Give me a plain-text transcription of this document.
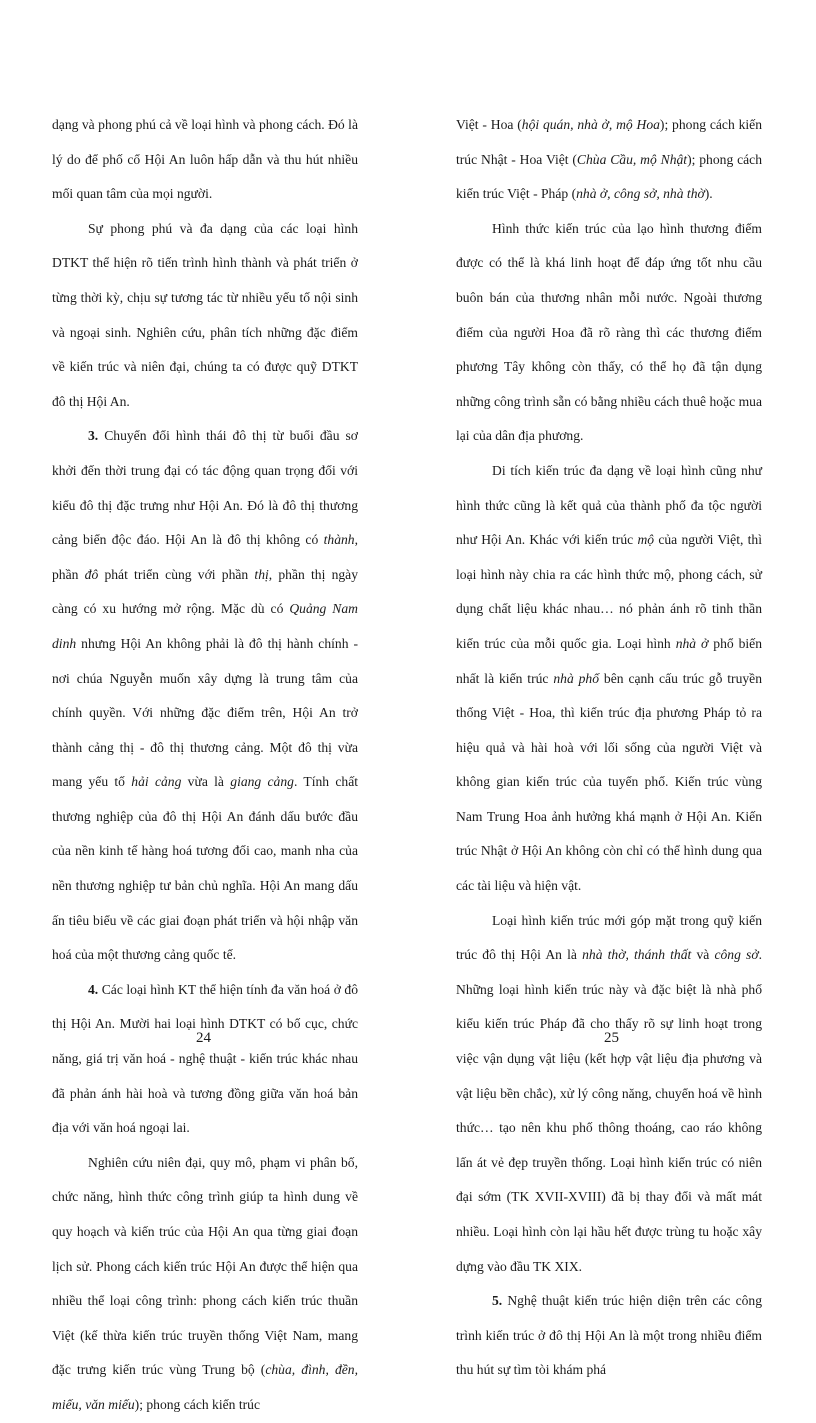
dạng và phong phú cả về loại hình và phong cách. Đó là lý do để phố cổ Hội An luôn hấp dẫn và thu hút nhiều mối quan tâm của mọi người.

Sự phong phú và đa dạng của các loại hình DTKT thể hiện rõ tiến trình hình thành và phát triển ở từng thời kỳ, chịu sự tương tác từ nhiều yếu tố nội sinh và ngoại sinh. Nghiên cứu, phân tích những đặc điểm về kiến trúc và niên đại, chúng ta có được quỹ DTKT đô thị Hội An.

3. Chuyển đổi hình thái đô thị từ buổi đầu sơ khởi đến thời trung đại có tác động quan trọng đối với kiểu đô thị đặc trưng như Hội An. Đó là đô thị thương cảng biển độc đáo. Hội An là đô thị không có thành, phần đô phát triển cùng với phần thị, phần thị ngày càng có xu hướng mở rộng. Mặc dù có Quảng Nam dinh nhưng Hội An không phải là đô thị hành chính - nơi chúa Nguyễn muốn xây dựng là trung tâm của chính quyền. Với những đặc điểm trên, Hội An trở thành cảng thị - đô thị thương cảng. Một đô thị vừa mang yếu tố hải cảng vừa là giang cảng. Tính chất thương nghiệp của đô thị Hội An đánh dấu bước đầu của nền kinh tế hàng hoá tương đối cao, manh nha của nền thương nghiệp tư bản chủ nghĩa. Hội An mang dấu ấn tiêu biểu về các giai đoạn phát triển và hội nhập văn hoá của một thương cảng quốc tế.

4. Các loại hình KT thể hiện tính đa văn hoá ở đô thị Hội An. Mười hai loại hình DTKT có bố cục, chức năng, giá trị văn hoá - nghệ thuật - kiến trúc khác nhau đã phản ánh hài hoà và tương đồng giữa văn hoá bản địa với văn hoá ngoại lai.

Nghiên cứu niên đại, quy mô, phạm vi phân bố, chức năng, hình thức công trình giúp ta hình dung về quy hoạch và kiến trúc của Hội An qua từng giai đoạn lịch sử. Phong cách kiến trúc Hội An được thể hiện qua nhiều thể loại công trình: phong cách kiến trúc thuần Việt (kế thừa kiến trúc truyền thống Việt Nam, mang đặc trưng kiến trúc vùng Trung bộ (chùa, đình, đền, miếu, văn miếu); phong cách kiến trúc

Việt - Hoa (hội quán, nhà ở, mộ Hoa); phong cách kiến trúc Nhật - Hoa Việt (Chùa Cầu, mộ Nhật); phong cách kiến trúc Việt - Pháp (nhà ở, công sở, nhà thờ).

Hình thức kiến trúc của lạo hình thương điếm được có thể là khá linh hoạt để đáp ứng tốt nhu cầu buôn bán của thương nhân mỗi nước. Ngoài thương điếm của người Hoa đã rõ ràng thì các thương điếm phương Tây không còn thấy, có thể họ đã tận dụng những công trình sẵn có bằng nhiều cách thuê hoặc mua lại của dân địa phương.

Di tích kiến trúc đa dạng về loại hình cũng như hình thức cũng là kết quả của thành phố đa tộc người như Hội An. Khác với kiến trúc mộ của người Việt, thì loại hình này chia ra các hình thức mộ, phong cách, sử dụng chất liệu khác nhau… nó phản ánh rõ tinh thần kiến trúc của mỗi quốc gia. Loại hình nhà ở phổ biến nhất là kiến trúc nhà phố bên cạnh cấu trúc gỗ truyền thống Việt - Hoa, thì kiến trúc địa phương Pháp tỏ ra hiệu quả và hài hoà với lối sống của người Việt và không gian kiến trúc của tuyến phố. Kiến trúc vùng Nam Trung Hoa ảnh hưởng khá mạnh ở Hội An. Kiến trúc Nhật ở Hội An không còn chỉ có thể hình dung qua các tài liệu và hiện vật.

Loại hình kiến trúc mới góp mặt trong quỹ kiến trúc đô thị Hội An là nhà thờ, thánh thất và công sở. Những loại hình kiến trúc này và đặc biệt là nhà phố kiểu kiến trúc Pháp đã cho thấy rõ sự linh hoạt trong việc vận dụng vật liệu (kết hợp vật liệu địa phương và vật liệu bền chắc), xử lý công năng, chuyển hoá về hình thức… tạo nên khu phố thông thoáng, cao ráo không lấn át vẻ đẹp truyền thống. Loại hình kiến trúc có niên đại sớm (TK XVII-XVIII) đã bị thay đổi và mất mát nhiều. Loại hình còn lại hầu hết được trùng tu hoặc xây dựng vào đầu TK XIX.

5. Nghệ thuật kiến trúc hiện diện trên các công trình kiến trúc ở đô thị Hội An là một trong nhiều điểm thu hút sự tìm tòi khám phá

24	25
